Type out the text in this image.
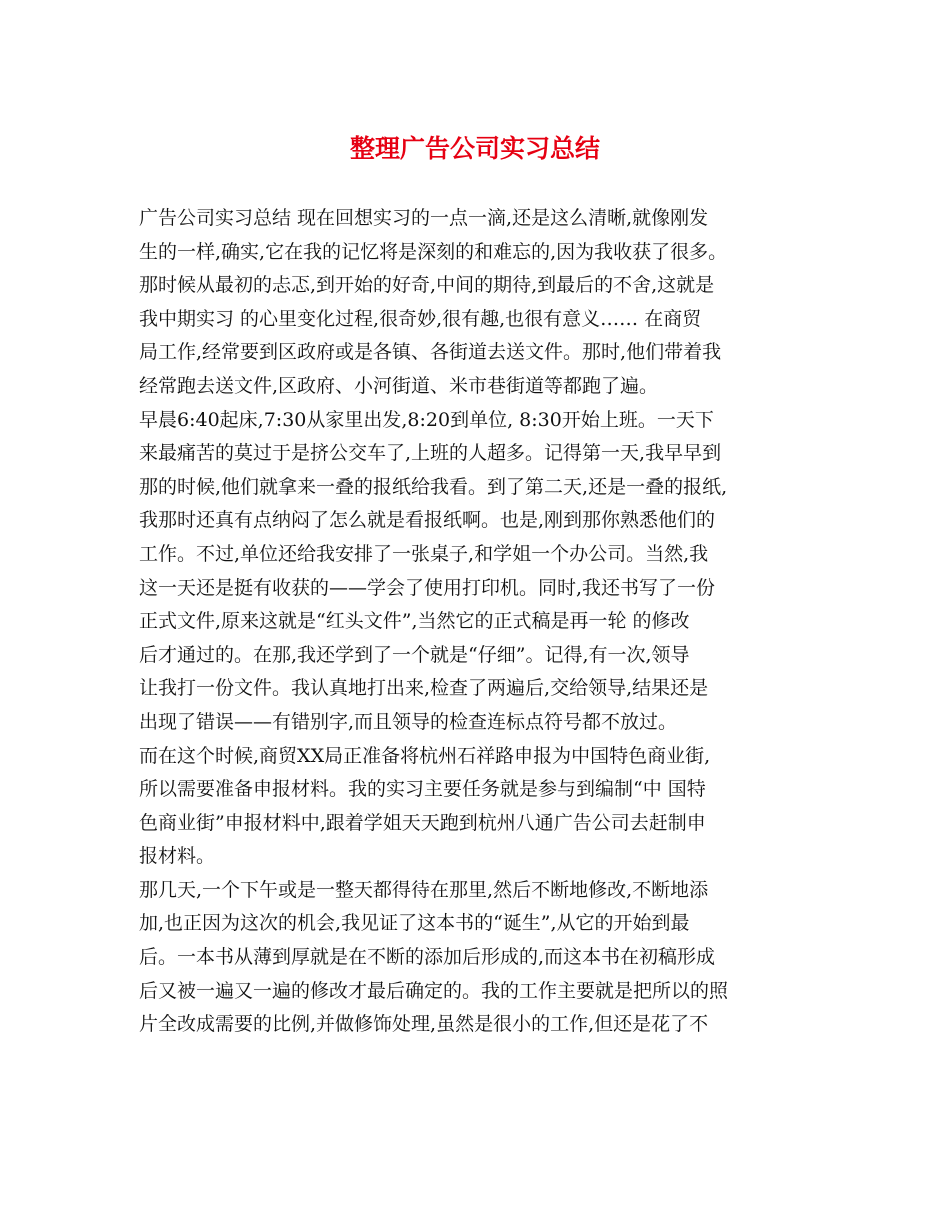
整理广告公司实习总结
广告公司实习总结 现在回想实习的一点一滴,还是这么清晰,就像刚发
生的一样,确实,它在我的记忆将是深刻的和难忘的,因为我收获了很多。
那时候从最初的忐忑,到开始的好奇,中间的期待,到最后的不舍,这就是
我中期实习 的心里变化过程,很奇妙,很有趣,也很有意义…… 在商贸
局工作,经常要到区政府或是各镇、各街道去送文件。那时,他们带着我
经常跑去送文件,区政府、小河街道、米市巷街道等都跑了遍。
早晨6:40起床,7:30从家里出发,8:20到单位, 8:30开始上班。一天下
来最痛苦的莫过于是挤公交车了,上班的人超多。记得第一天,我早早到
那的时候,他们就拿来一叠的报纸给我看。到了第二天,还是一叠的报纸,
我那时还真有点纳闷了怎么就是看报纸啊。也是,刚到那你熟悉他们的
工作。不过,单位还给我安排了一张桌子,和学姐一个办公司。当然,我
这一天还是挺有收获的——学会了使用打印机。同时,我还书写了一份
正式文件,原来这就是“红头文件”,当然它的正式稿是再一轮 的修改
后才通过的。在那,我还学到了一个就是“仔细”。记得,有一次,领导
让我打一份文件。我认真地打出来,检查了两遍后,交给领导,结果还是
出现了错误——有错别字,而且领导的检查连标点符号都不放过。
而在这个时候,商贸XX局正准备将杭州石祥路申报为中国特色商业街,
所以需要准备申报材料。我的实习主要任务就是参与到编制“中 国特
色商业街”申报材料中,跟着学姐天天跑到杭州八通广告公司去赶制申
报材料。
那几天,一个下午或是一整天都得待在那里,然后不断地修改,不断地添
加,也正因为这次的机会,我见证了这本书的“诞生”,从它的开始到最
后。一本书从薄到厚就是在不断的添加后形成的,而这本书在初稿形成
后又被一遍又一遍的修改才最后确定的。我的工作主要就是把所以的照
片全改成需要的比例,并做修饰处理,虽然是很小的工作,但还是花了不
